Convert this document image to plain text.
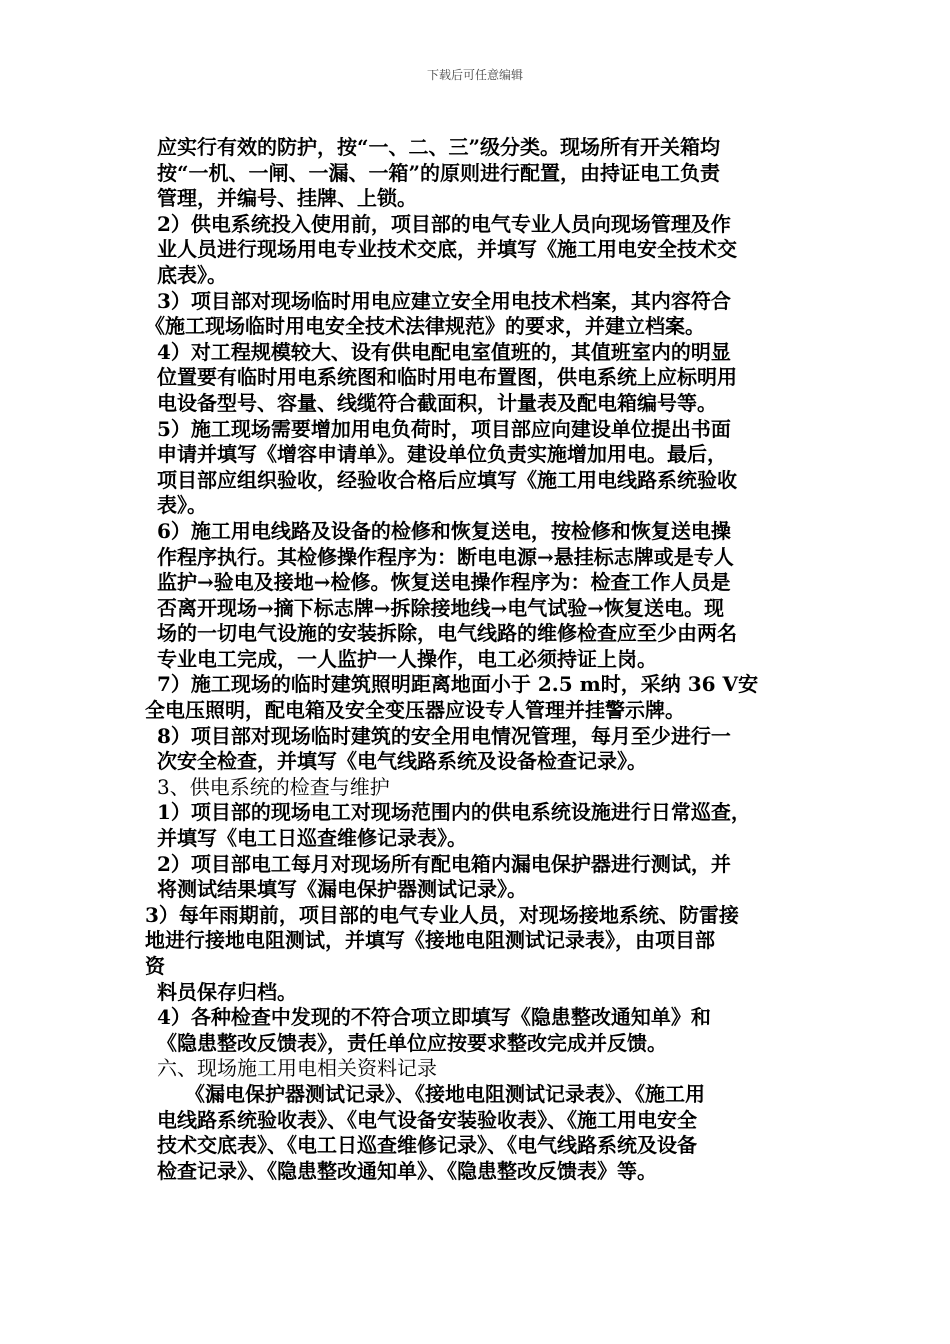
下载后可任意编辑
应实行有效的防护，按“一、二、三”级分类。现场所有开关箱均
按“一机、一闸、一漏、一箱”的原则进行配置，由持证电工负责
管理，并编号、挂牌、上锁。
2）供电系统投入使用前，项目部的电气专业人员向现场管理及作
业人员进行现场用电专业技术交底，并填写《施工用电安全技术交
底表》。
3）项目部对现场临时用电应建立安全用电技术档案，其内容符合
《施工现场临时用电安全技术法律规范》的要求，并建立档案。
4）对工程规模较大、设有供电配电室值班的，其值班室内的明显
位置要有临时用电系统图和临时用电布置图，供电系统上应标明用
电设备型号、容量、线缆符合截面积，计量表及配电箱编号等。
5）施工现场需要增加用电负荷时，项目部应向建设单位提出书面
申请并填写《增容申请单》。建设单位负责实施增加用电。最后，
项目部应组织验收，经验收合格后应填写《施工用电线路系统验收
表》。
6）施工用电线路及设备的检修和恢复送电，按检修和恢复送电操
作程序执行。其检修操作程序为：断电电源→悬挂标志牌或是专人
监护→验电及接地→检修。恢复送电操作程序为：检查工作人员是
否离开现场→摘下标志牌→拆除接地线→电气试验→恢复送电。现
场的一切电气设施的安装拆除，电气线路的维修检查应至少由两名
专业电工完成，一人监护一人操作，电工必须持证上岗。
7）施工现场的临时建筑照明距离地面小于 2.5 m时，采纳 36 V安
全电压照明，配电箱及安全变压器应设专人管理并挂警示牌。
8）项目部对现场临时建筑的安全用电情况管理，每月至少进行一
次安全检查，并填写《电气线路系统及设备检查记录》。
3、供电系统的检查与维护
1）项目部的现场电工对现场范围内的供电系统设施进行日常巡查，
并填写《电工日巡查维修记录表》。
2）项目部电工每月对现场所有配电箱内漏电保护器进行测试，并
将测试结果填写《漏电保护器测试记录》。
3）每年雨期前，项目部的电气专业人员，对现场接地系统、防雷接
地进行接地电阻测试，并填写《接地电阻测试记录表》，由项目部
资
料员保存归档。
4）各种检查中发现的不符合项立即填写《隐患整改通知单》和
《隐患整改反馈表》，责任单位应按要求整改完成并反馈。
六、现场施工用电相关资料记录
《漏电保护器测试记录》、《接地电阻测试记录表》、《施工用
电线路系统验收表》、《电气设备安装验收表》、《施工用电安全
技术交底表》、《电工日巡查维修记录》、《电气线路系统及设备
检查记录》、《隐患整改通知单》、《隐患整改反馈表》等。
